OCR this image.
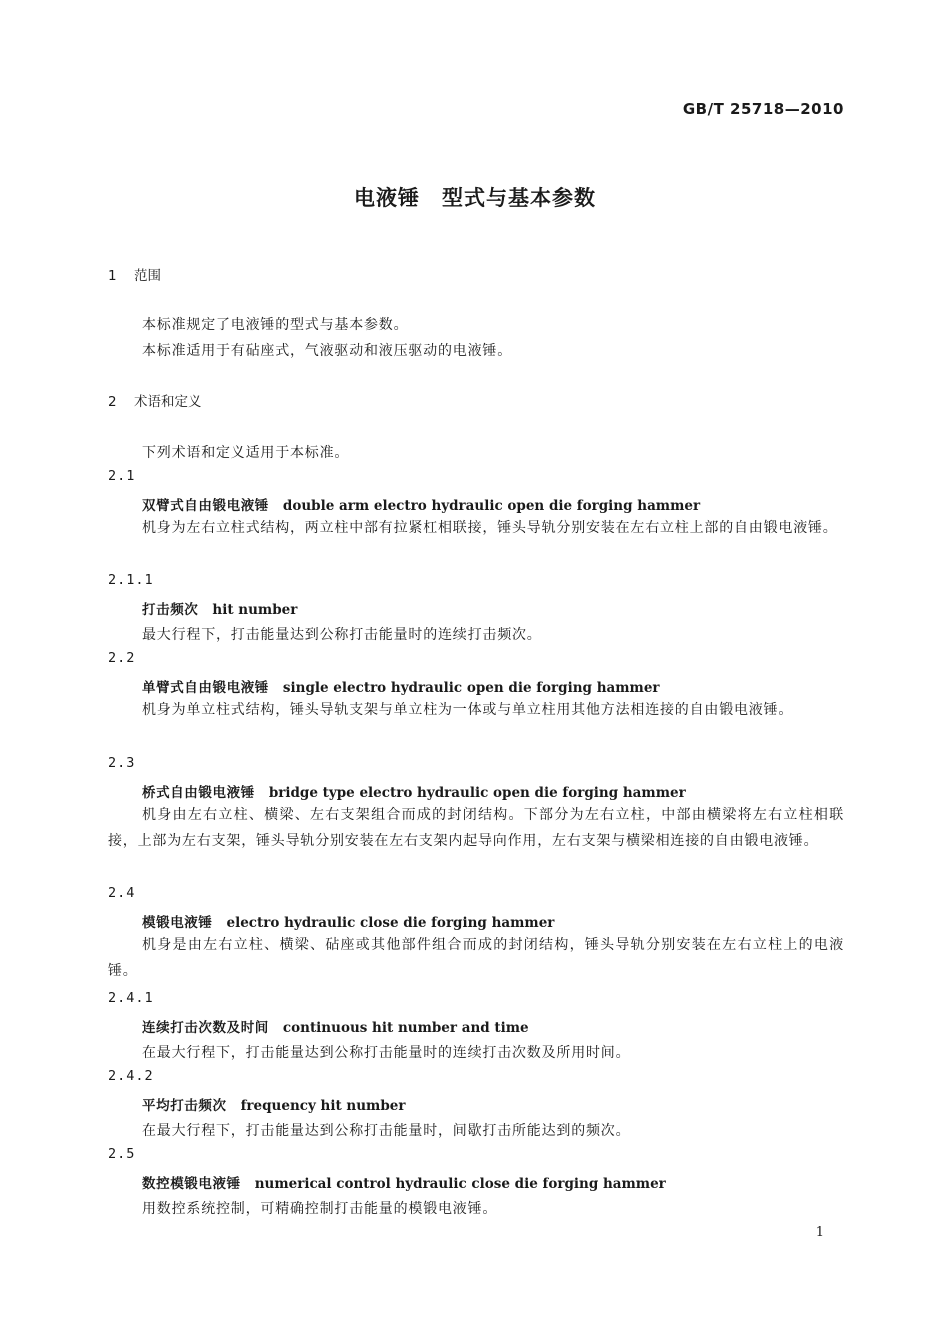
GB/T 25718—2010
电液锤　型式与基本参数
1 范围
本标准规定了电液锤的型式与基本参数。
本标准适用于有砧座式，气液驱动和液压驱动的电液锤。
2 术语和定义
下列术语和定义适用于本标准。
2.1
双臂式自由锻电液锤 double arm electro hydraulic open die forging hammer
机身为左右立柱式结构，两立柱中部有拉紧杠相联接，锤头导轨分别安装在左右立柱上部的自由锻电液锤。
2.1.1
打击频次 hit number
最大行程下，打击能量达到公称打击能量时的连续打击频次。
2.2
单臂式自由锻电液锤 single electro hydraulic open die forging hammer
机身为单立柱式结构，锤头导轨支架与单立柱为一体或与单立柱用其他方法相连接的自由锻电液锤。
2.3
桥式自由锻电液锤 bridge type electro hydraulic open die forging hammer
机身由左右立柱、横梁、左右支架组合而成的封闭结构。下部分为左右立柱，中部由横梁将左右立柱相联接，上部为左右支架，锤头导轨分别安装在左右支架内起导向作用，左右支架与横梁相连接的自由锻电液锤。
2.4
模锻电液锤 electro hydraulic close die forging hammer
机身是由左右立柱、横梁、砧座或其他部件组合而成的封闭结构，锤头导轨分别安装在左右立柱上的电液锤。
2.4.1
连续打击次数及时间 continuous hit number and time
在最大行程下，打击能量达到公称打击能量时的连续打击次数及所用时间。
2.4.2
平均打击频次 frequency hit number
在最大行程下，打击能量达到公称打击能量时，间歇打击所能达到的频次。
2.5
数控模锻电液锤 numerical control hydraulic close die forging hammer
用数控系统控制，可精确控制打击能量的模锻电液锤。
1
